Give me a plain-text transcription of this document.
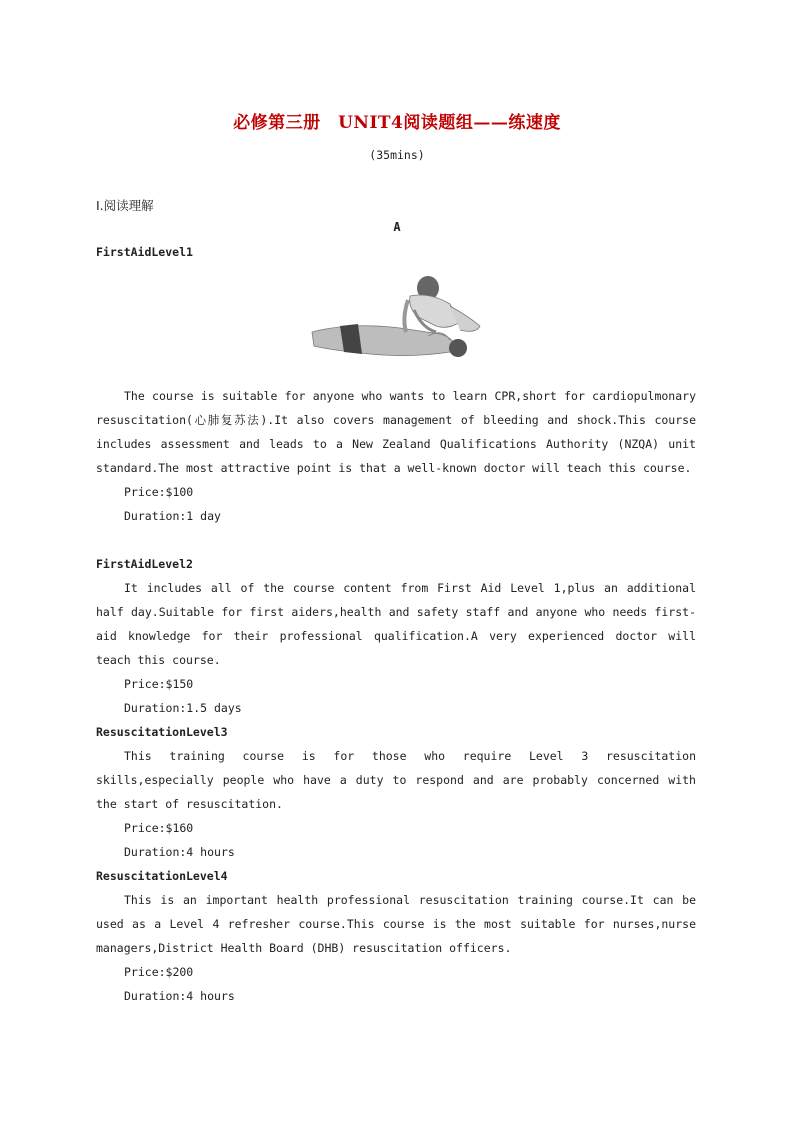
必修第三册　UNIT4阅读题组——练速度
(35mins)
Ⅰ.阅读理解
A
FirstAidLevel1
The course is suitable for anyone who wants to learn CPR,short for cardiopulmonary resuscitation(心肺复苏法).It also covers management of bleeding and shock.This course includes assessment and leads to a New Zealand Qualifications Authority (NZQA) unit standard.The most attractive point is that a well-known doctor will teach this course.
Price:$100
Duration:1 day
FirstAidLevel2
It includes all of the course content from First Aid Level 1,plus an additional half day.Suitable for first aiders,health and safety staff and anyone who needs first-aid knowledge for their professional qualification.A very experienced doctor will teach this course.
Price:$150
Duration:1.5 days
ResuscitationLevel3
This training course is for those who require Level 3 resuscitation skills,especially people who have a duty to respond and are probably concerned with the start of resuscitation.
Price:$160
Duration:4 hours
ResuscitationLevel4
This is an important health professional resuscitation training course.It can be used as a Level 4 refresher course.This course is the most suitable for nurses,nurse managers,District Health Board (DHB) resuscitation officers.
Price:$200
Duration:4 hours
